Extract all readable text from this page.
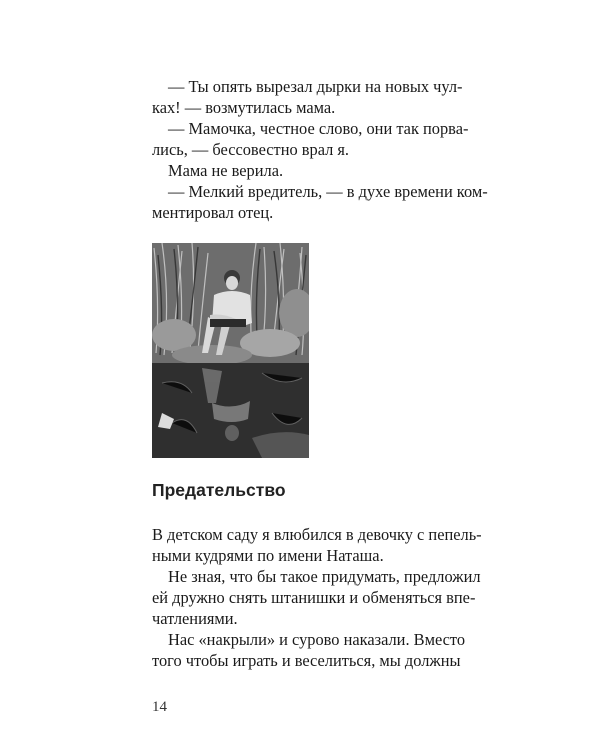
— Ты опять вырезал дырки на новых чул-
ках! — возмутилась мама.
— Мамочка, честное слово, они так порва-
лись, — бессовестно врал я.
Мама не верила.
— Мелкий вредитель, — в духе времени ком-
ментировал отец.
Предательство
В детском саду я влюбился в девочку с пепель-
ными кудрями по имени Наташа.
Не зная, что бы такое придумать, предложил
ей дружно снять штанишки и обменяться впе-
чатлениями.
Нас «накрыли» и сурово наказали. Вместо
того чтобы играть и веселиться, мы должны
14
